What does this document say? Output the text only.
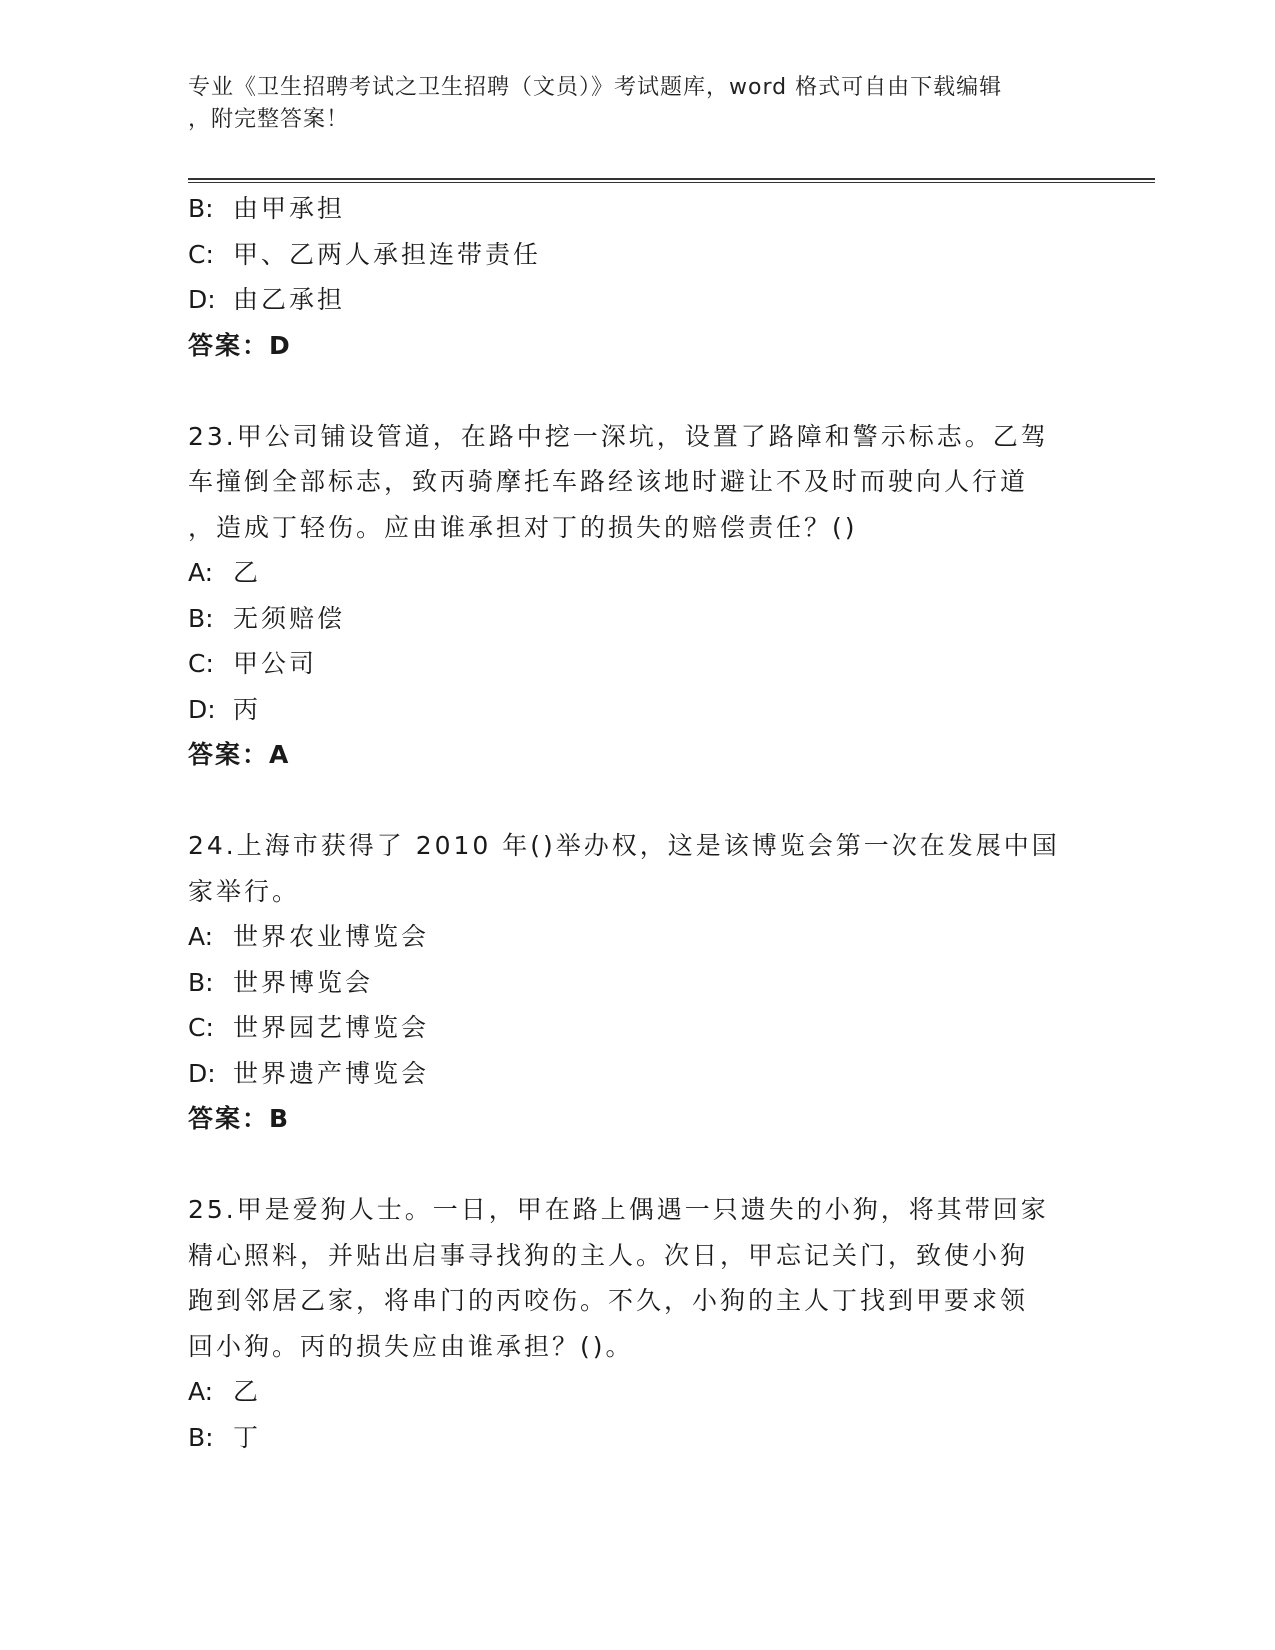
专业《卫生招聘考试之卫生招聘（文员）》考试题库，word 格式可自由下载编辑
，附完整答案！
B: 由甲承担
C: 甲、乙两人承担连带责任
D: 由乙承担
答案：D
23.甲公司铺设管道，在路中挖一深坑，设置了路障和警示标志。乙驾
车撞倒全部标志，致丙骑摩托车路经该地时避让不及时而驶向人行道
，造成丁轻伤。应由谁承担对丁的损失的赔偿责任？()
A: 乙
B: 无须赔偿
C: 甲公司
D: 丙
答案：A
24.上海市获得了 2010 年()举办权，这是该博览会第一次在发展中国
家举行。
A: 世界农业博览会
B: 世界博览会
C: 世界园艺博览会
D: 世界遗产博览会
答案：B
25.甲是爱狗人士。一日，甲在路上偶遇一只遗失的小狗，将其带回家
精心照料，并贴出启事寻找狗的主人。次日，甲忘记关门，致使小狗
跑到邻居乙家，将串门的丙咬伤。不久，小狗的主人丁找到甲要求领
回小狗。丙的损失应由谁承担？()。
A: 乙
B: 丁
